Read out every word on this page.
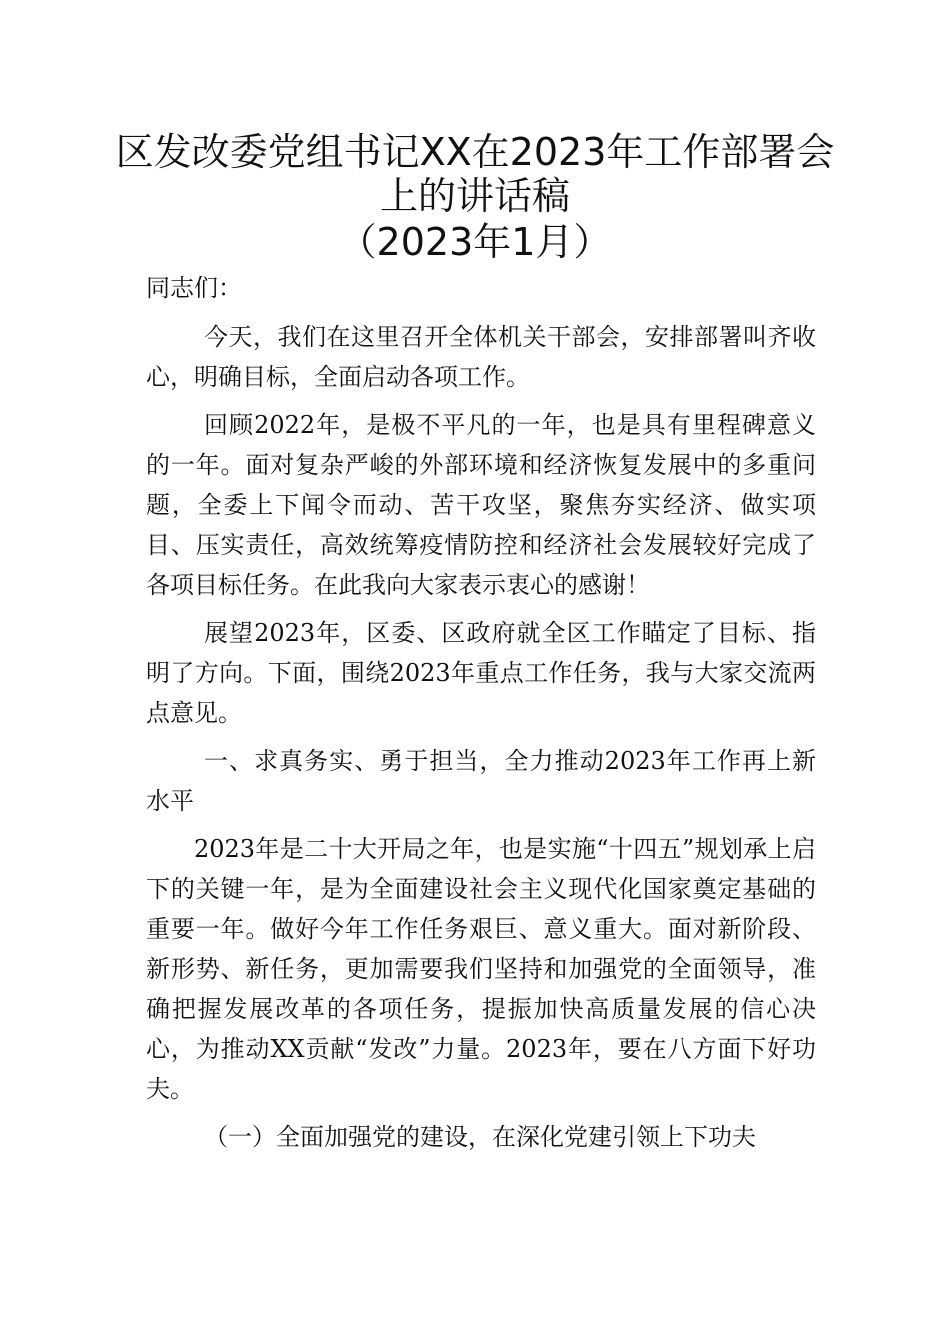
区发改委党组书记XX在2023年工作部署会
上的讲话稿
（2023年1月）

同志们：

今天，我们在这里召开全体机关干部会，安排部署叫齐收心，明确目标，全面启动各项工作。

回顾2022年，是极不平凡的一年，也是具有里程碑意义的一年。面对复杂严峻的外部环境和经济恢复发展中的多重问题，全委上下闻令而动、苦干攻坚，聚焦夯实经济、做实项目、压实责任，高效统筹疫情防控和经济社会发展较好完成了各项目标任务。在此我向大家表示衷心的感谢！

展望2023年，区委、区政府就全区工作瞄定了目标、指明了方向。下面，围绕2023年重点工作任务，我与大家交流两点意见。

一、求真务实、勇于担当，全力推动2023年工作再上新水平

2023年是二十大开局之年，也是实施“十四五”规划承上启下的关键一年，是为全面建设社会主义现代化国家奠定基础的重要一年。做好今年工作任务艰巨、意义重大。面对新阶段、新形势、新任务，更加需要我们坚持和加强党的全面领导，准确把握发展改革的各项任务，提振加快高质量发展的信心决心，为推动XX贡献“发改”力量。2023年，要在八方面下好功夫。

（一）全面加强党的建设，在深化党建引领上下功夫
